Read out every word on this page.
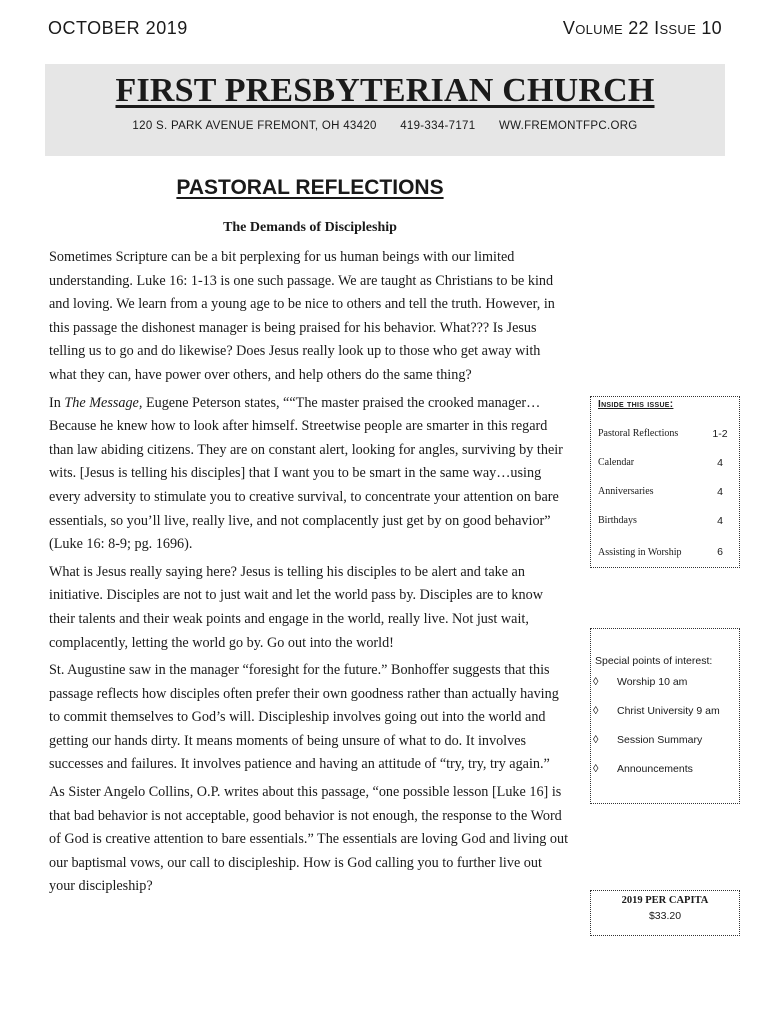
OCTOBER 2019	Volume 22 Issue 10
FIRST PRESBYTERIAN CHURCH
120 S. PARK AVENUE FREMONT, OH 43420 419-334-7171 WW.FREMONTFPC.ORG
PASTORAL REFLECTIONS
The Demands of Discipleship

Sometimes Scripture can be a bit perplexing for us human beings with our limited understanding. Luke 16: 1-13 is one such passage. We are taught as Christians to be kind and loving. We learn from a young age to be nice to others and tell the truth. However, in this passage the dishonest manager is being praised for his behavior. What??? Is Jesus telling us to go and do likewise? Does Jesus really look up to those who get away with what they can, have power over others, and help others do the same thing?

In The Message, Eugene Peterson states, ““The master praised the crooked manager…Because he knew how to look after himself. Streetwise people are smarter in this regard than law abiding citizens. They are on constant alert, looking for angles, surviving by their wits. [Jesus is telling his disciples] that I want you to be smart in the same way…using every adversity to stimulate you to creative survival, to concentrate your attention on bare essentials, so you’ll live, really live, and not complacently just get by on good behavior” (Luke 16: 8-9; pg. 1696).

What is Jesus really saying here? Jesus is telling his disciples to be alert and take an initiative. Disciples are not to just wait and let the world pass by. Disciples are to know their talents and their weak points and engage in the world, really live. Not just wait, complacently, letting the world go by. Go out into the world!

St. Augustine saw in the manager “foresight for the future.” Bonhoffer suggests that this passage reflects how disciples often prefer their own goodness rather than actually having to commit themselves to God’s will. Discipleship involves going out into the world and getting our hands dirty. It means moments of being unsure of what to do. It involves successes and failures. It involves patience and having an attitude of “try, try, try again.”

As Sister Angelo Collins, O.P. writes about this passage, “one possible lesson [Luke 16] is that bad behavior is not acceptable, good behavior is not enough, the response to the Word of God is creative attention to bare essentials.” The essentials are loving God and living out our baptismal vows, our call to discipleship. How is God calling you to further live out your discipleship?

Inside this issue:
Pastoral Reflections	1-2
Calendar	4
Anniversaries	4
Birthdays	4
Assisting in Worship	6
Special points of interest:
◊ Worship 10 am
◊ Christ University 9 am
◊ Session Summary
◊ Announcements
2019 PER CAPITA
$33.20
